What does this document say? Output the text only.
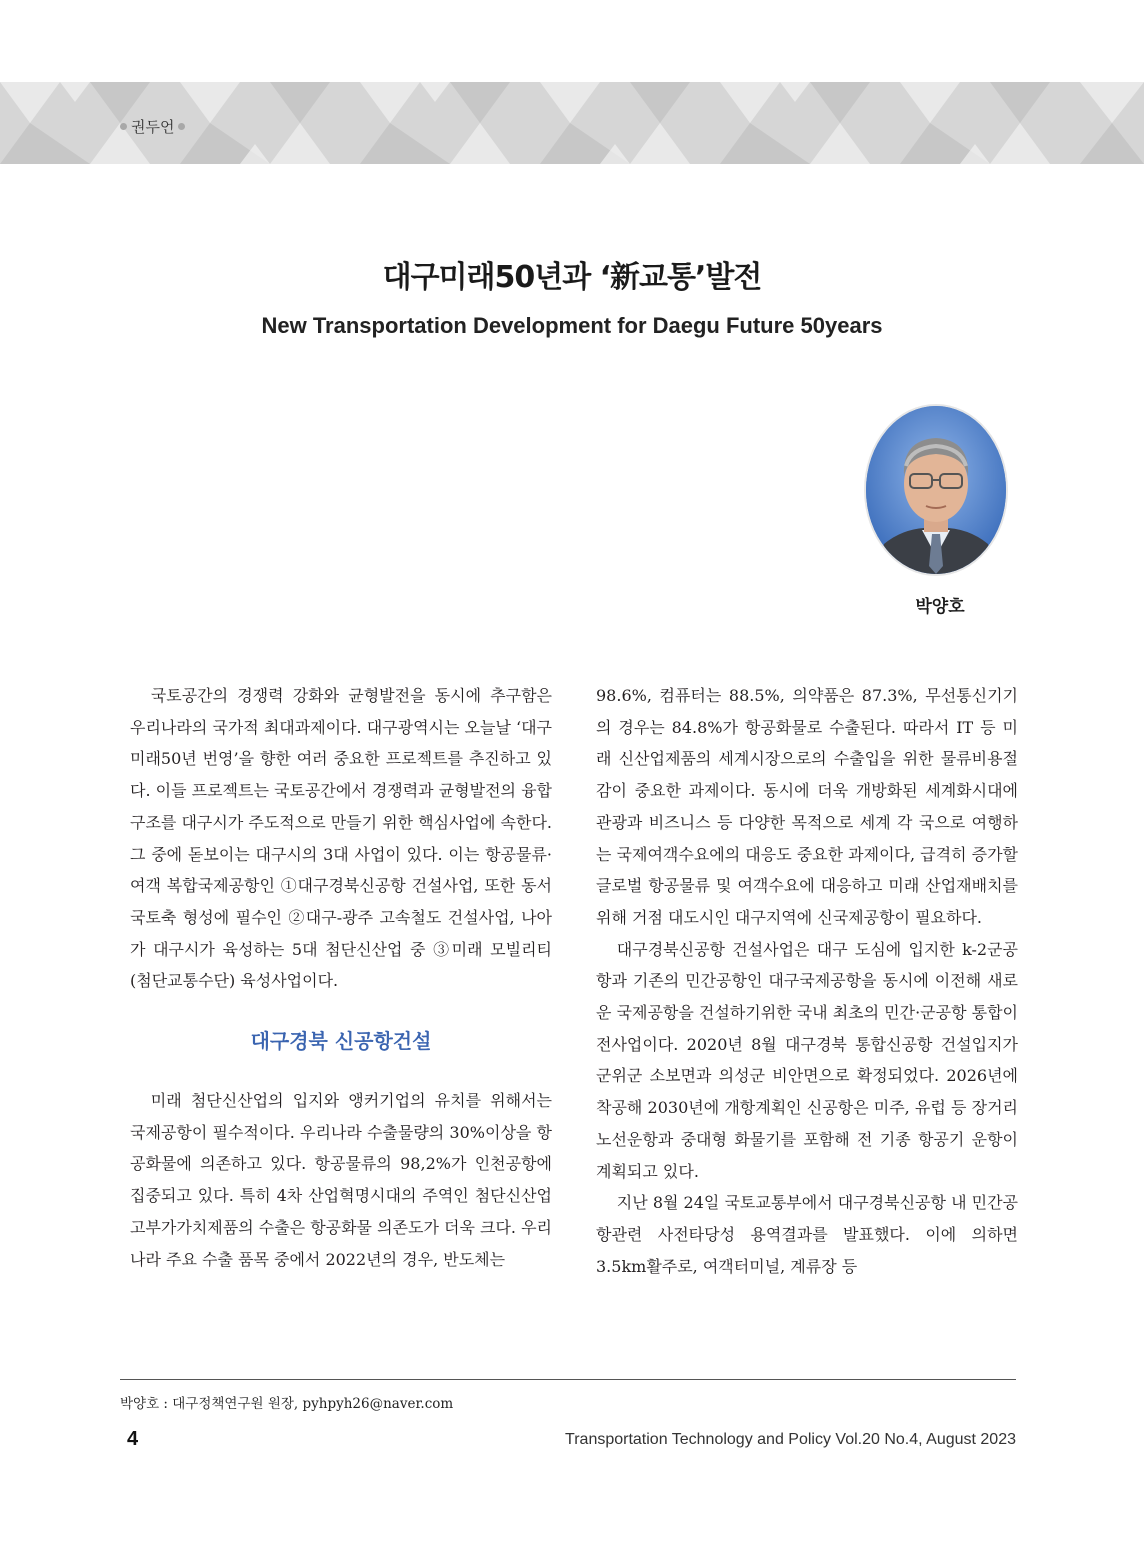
권두언
대구미래50년과 ‘新교통’발전
New Transportation Development for Daegu Future 50years
박양호

국토공간의 경쟁력 강화와 균형발전을 동시에 추구함은 우리나라의 국가적 최대과제이다. 대구광역시는 오늘날 ‘대구미래50년 번영’을 향한 여러 중요한 프로젝트를 추진하고 있다. 이들 프로젝트는 국토공간에서 경쟁력과 균형발전의 융합구조를 대구시가 주도적으로 만들기 위한 핵심사업에 속한다. 그 중에 돋보이는 대구시의 3대 사업이 있다. 이는 항공물류·여객 복합국제공항인 ①대구경북신공항 건설사업, 또한 동서국토축 형성에 필수인 ②대구-광주 고속철도 건설사업, 나아가 대구시가 육성하는 5대 첨단신산업 중 ③미래 모빌리티(첨단교통수단) 육성사업이다.

대구경북 신공항건설

미래 첨단신산업의 입지와 앵커기업의 유치를 위해서는 국제공항이 필수적이다. 우리나라 수출물량의 30%이상을 항공화물에 의존하고 있다. 항공물류의 98,2%가 인천공항에 집중되고 있다. 특히 4차 산업혁명시대의 주역인 첨단신산업 고부가가치제품의 수출은 항공화물 의존도가 더욱 크다. 우리나라 주요 수출 품목 중에서 2022년의 경우, 반도체는

98.6%, 컴퓨터는 88.5%, 의약품은 87.3%, 무선통신기기의 경우는 84.8%가 항공화물로 수출된다. 따라서 IT 등 미래 신산업제품의 세계시장으로의 수출입을 위한 물류비용절감이 중요한 과제이다. 동시에 더욱 개방화된 세계화시대에 관광과 비즈니스 등 다양한 목적으로 세계 각 국으로 여행하는 국제여객수요에의 대응도 중요한 과제이다, 급격히 증가할 글로벌 항공물류 및 여객수요에 대응하고 미래 산업재배치를 위해 거점 대도시인 대구지역에 신국제공항이 필요하다.

대구경북신공항 건설사업은 대구 도심에 입지한 k-2군공항과 기존의 민간공항인 대구국제공항을 동시에 이전해 새로운 국제공항을 건설하기위한 국내 최초의 민간·군공항 통합이전사업이다. 2020년 8월 대구경북 통합신공항 건설입지가 군위군 소보면과 의성군 비안면으로 확정되었다. 2026년에 착공해 2030년에 개항계획인 신공항은 미주, 유럽 등 장거리 노선운항과 중대형 화물기를 포함해 전 기종 항공기 운항이 계획되고 있다.

지난 8월 24일 국토교통부에서 대구경북신공항 내 민간공항관련 사전타당성 용역결과를 발표했다. 이에 의하면 3.5km활주로, 여객터미널, 계류장 등

박양호 : 대구정책연구원 원장, pyhpyh26@naver.com
4	Transportation Technology and Policy Vol.20 No.4, August 2023
